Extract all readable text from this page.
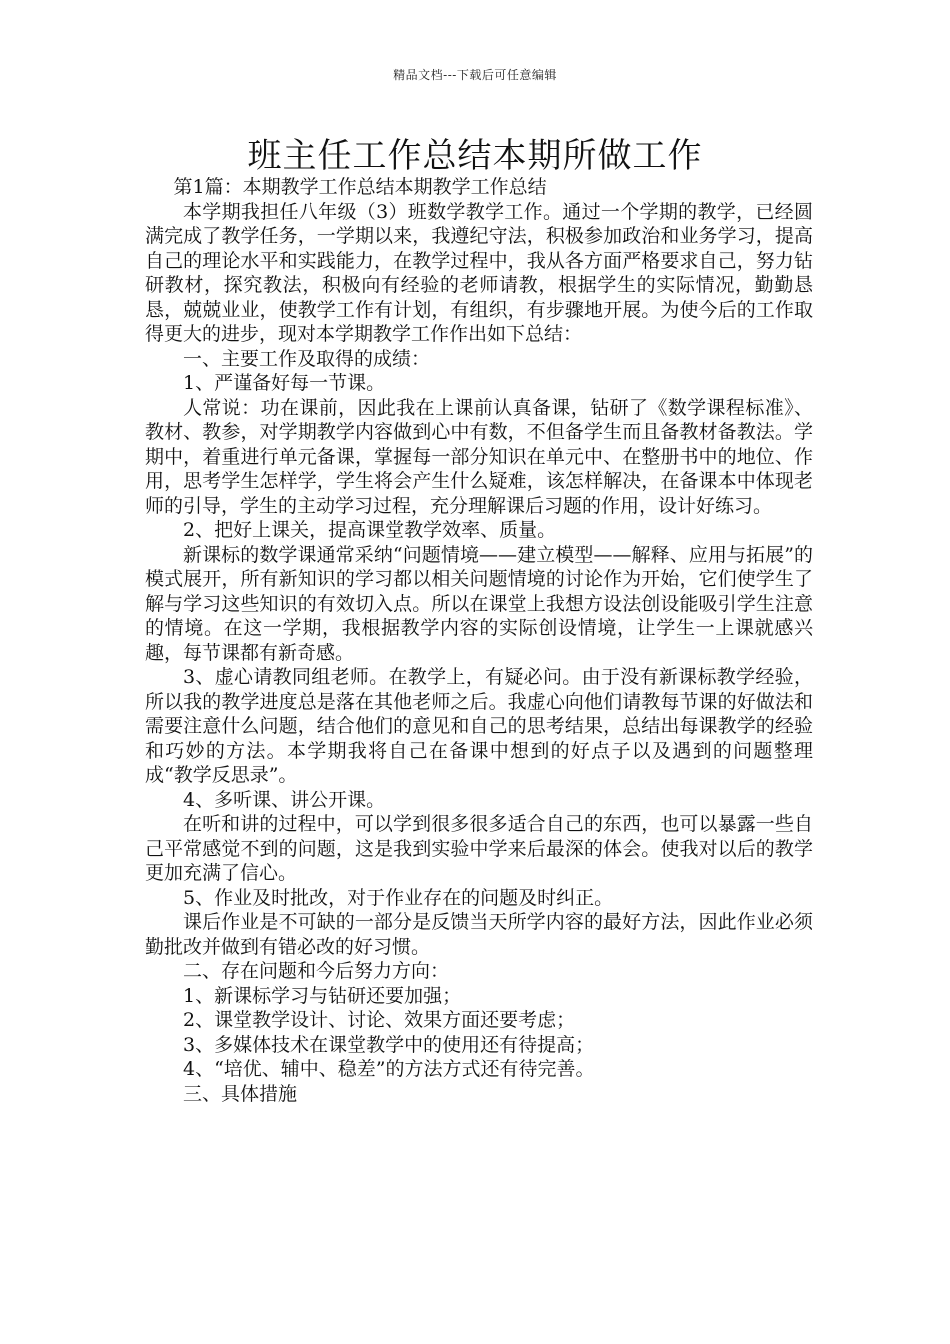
精品文档---下载后可任意编辑
班主任工作总结本期所做工作

第1篇：本期教学工作总结本期教学工作总结

本学期我担任八年级（3）班数学教学工作。通过一个学期的教学，已经圆满完成了教学任务，一学期以来，我遵纪守法，积极参加政治和业务学习，提高自己的理论水平和实践能力，在教学过程中，我从各方面严格要求自己，努力钻研教材，探究教法，积极向有经验的老师请教，根据学生的实际情况，勤勤恳恳，兢兢业业，使教学工作有计划，有组织，有步骤地开展。为使今后的工作取得更大的进步，现对本学期教学工作作出如下总结：

一、主要工作及取得的成绩：

1、严谨备好每一节课。

人常说：功在课前，因此我在上课前认真备课，钻研了《数学课程标准》、教材、教参，对学期教学内容做到心中有数，不但备学生而且备教材备教法。学期中，着重进行单元备课，掌握每一部分知识在单元中、在整册书中的地位、作用，思考学生怎样学，学生将会产生什么疑难，该怎样解决，在备课本中体现老师的引导，学生的主动学习过程，充分理解课后习题的作用，设计好练习。

2、把好上课关，提高课堂教学效率、质量。

新课标的数学课通常采纳“问题情境——建立模型——解释、应用与拓展”的模式展开，所有新知识的学习都以相关问题情境的讨论作为开始，它们使学生了解与学习这些知识的有效切入点。所以在课堂上我想方设法创设能吸引学生注意的情境。在这一学期，我根据教学内容的实际创设情境，让学生一上课就感兴趣，每节课都有新奇感。

3、虚心请教同组老师。在教学上，有疑必问。由于没有新课标教学经验，所以我的教学进度总是落在其他老师之后。我虚心向他们请教每节课的好做法和需要注意什么问题，结合他们的意见和自己的思考结果，总结出每课教学的经验和巧妙的方法。本学期我将自己在备课中想到的好点子以及遇到的问题整理成“教学反思录”。

4、多听课、讲公开课。

在听和讲的过程中，可以学到很多很多适合自己的东西，也可以暴露一些自己平常感觉不到的问题，这是我到实验中学来后最深的体会。使我对以后的教学更加充满了信心。

5、作业及时批改，对于作业存在的问题及时纠正。

课后作业是不可缺的一部分是反馈当天所学内容的最好方法，因此作业必须勤批改并做到有错必改的好习惯。

二、存在问题和今后努力方向：

1、新课标学习与钻研还要加强；

2、课堂教学设计、讨论、效果方面还要考虑；

3、多媒体技术在课堂教学中的使用还有待提高；

4、“培优、辅中、稳差”的方法方式还有待完善。

三、具体措施
